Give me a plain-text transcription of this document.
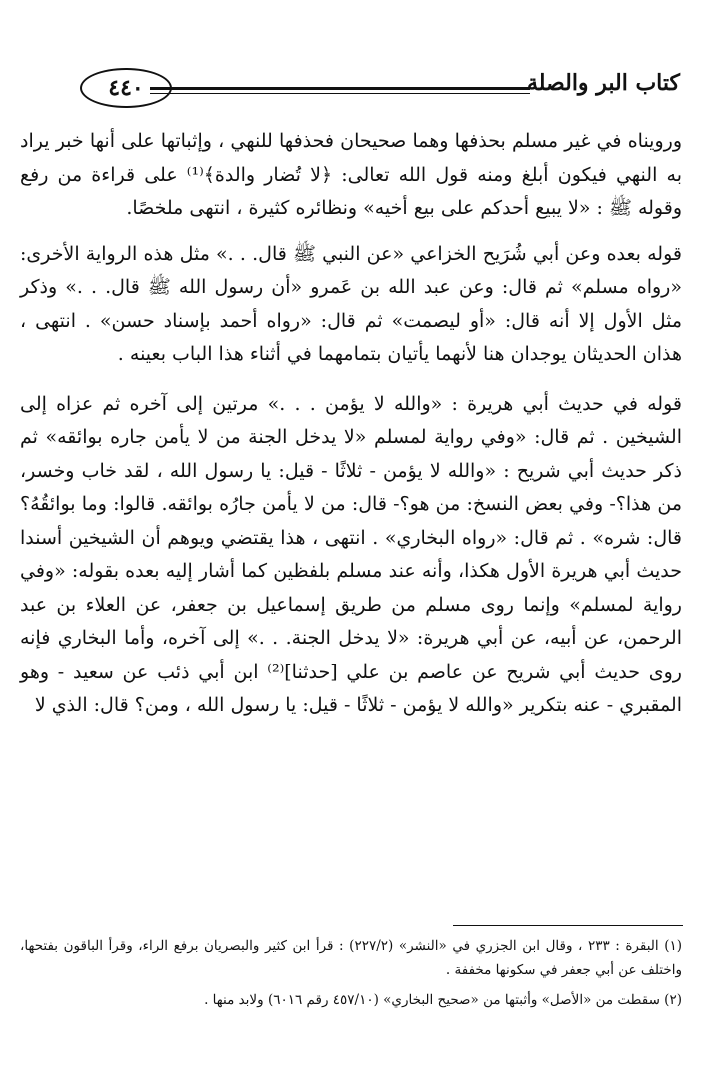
٤٤٠	كتاب البر والصلة

ورويناه في غير مسلم بحذفها وهما صحيحان فحذفها للنهي ، وإثباتها على أنها خبر يراد به النهي فيكون أبلغ ومنه قول الله تعالى: ﴿لا تُضار والدة﴾⁽¹⁾ على قراءة من رفع وقوله ﷺ : «لا يبيع أحدكم على بيع أخيه» ونظائره كثيرة ، انتهى ملخصًا.

قوله بعده وعن أبي شُرَيح الخزاعي «عن النبي ﷺ قال. . .» مثل هذه الرواية الأخرى: «رواه مسلم» ثم قال: وعن عبد الله بن عَمرو «أن رسول الله ﷺ قال. . .» وذكر مثل الأول إلا أنه قال: «أو ليصمت» ثم قال: «رواه أحمد بإسناد حسن» . انتهى ، هذان الحديثان يوجدان هنا لأنهما يأتيان بتمامهما في أثناء هذا الباب بعينه .

قوله في حديث أبي هريرة : «والله لا يؤمن . . .» مرتين إلى آخره ثم عزاه إلى الشيخين . ثم قال: «وفي رواية لمسلم «لا يدخل الجنة من لا يأمن جاره بوائقه» ثم ذكر حديث أبي شريح : «والله لا يؤمن - ثلاثًا - قيل: يا رسول الله ، لقد خاب وخسر، من هذا؟- وفي بعض النسخ: من هو؟- قال: من لا يأمن جارُه بوائقه. قالوا: وما بوائقُهُ؟ قال: شره» . ثم قال: «رواه البخاري» . انتهى ، هذا يقتضي ويوهم أن الشيخين أسندا حديث أبي هريرة الأول هكذا، وأنه عند مسلم بلفظين كما أشار إليه بعده بقوله: «وفي رواية لمسلم» وإنما روى مسلم من طريق إسماعيل بن جعفر، عن العلاء بن عبد الرحمن، عن أبيه، عن أبي هريرة: «لا يدخل الجنة. . .» إلى آخره، وأما البخاري فإنه روى حديث أبي شريح عن عاصم بن علي [حدثنا]⁽²⁾ ابن أبي ذئب عن سعيد - وهو المقبري - عنه بتكرير «والله لا يؤمن - ثلاثًا - قيل: يا رسول الله ، ومن؟ قال: الذي لا

(١) البقرة : ٢٣٣ ، وقال ابن الجزري في «النشر» (٢٢٧/٢) : قرأ ابن كثير والبصريان برفع الراء، وقرأ الباقون بفتحها، واختلف عن أبي جعفر في سكونها مخففة .

(٢) سقطت من «الأصل» وأثبتها من «صحيح البخاري» (٤٥٧/١٠ رقم ٦٠١٦) ولابد منها .
